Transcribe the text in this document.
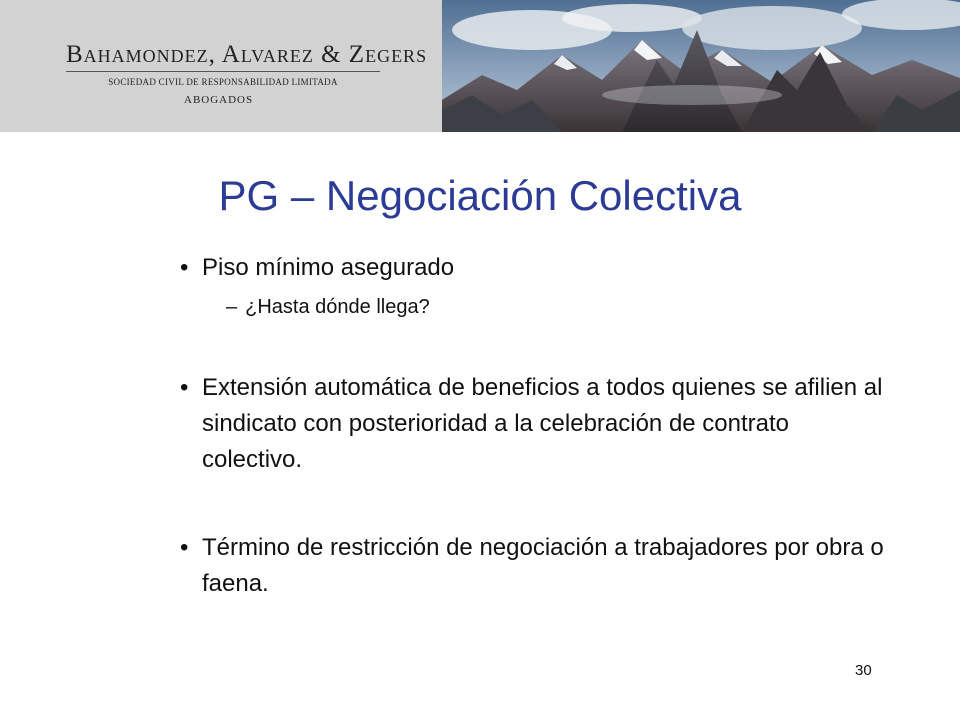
Bahamondez, Alvarez & Zegers
SOCIEDAD CIVIL DE RESPONSABILIDAD LIMITADA
ABOGADOS
PG – Negociación Colectiva
• Piso mínimo asegurado
– ¿Hasta dónde llega?
• Extensión automática de beneficios a todos quienes se afilien al sindicato con posterioridad a la celebración de contrato colectivo.
• Término de restricción de negociación a trabajadores por obra o faena.
30
